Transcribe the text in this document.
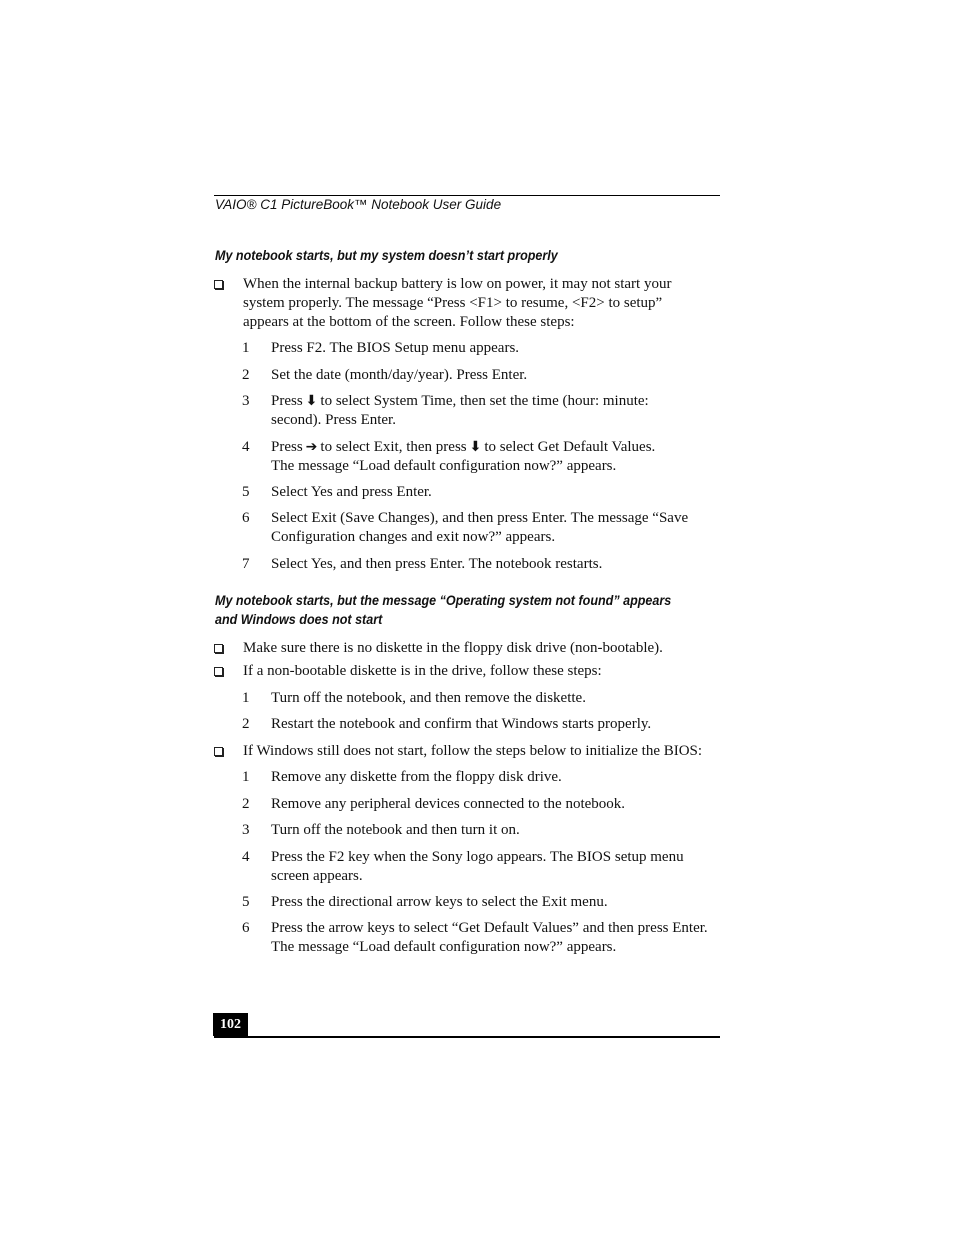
VAIO® C1 PictureBook™ Notebook User Guide
My notebook starts, but my system doesn’t start properly
When the internal backup battery is low on power, it may not start your
system properly. The message “Press <F1> to resume, <F2> to setup”
appears at the bottom of the screen. Follow these steps:
1	Press F2. The BIOS Setup menu appears.
2	Set the date (month/day/year). Press Enter.
3	Press ⬇ to select System Time, then set the time (hour: minute:
second). Press Enter.
4	Press ➔ to select Exit, then press ⬇ to select Get Default Values.
The message “Load default configuration now?” appears.
5	Select Yes and press Enter.
6	Select Exit (Save Changes), and then press Enter. The message “Save
Configuration changes and exit now?” appears.
7	Select Yes, and then press Enter. The notebook restarts.
My notebook starts, but the message “Operating system not found” appears
and Windows does not start
Make sure there is no diskette in the floppy disk drive (non-bootable).
If a non-bootable diskette is in the drive, follow these steps:
1	Turn off the notebook, and then remove the diskette.
2	Restart the notebook and confirm that Windows starts properly.
If Windows still does not start, follow the steps below to initialize the BIOS:
1	Remove any diskette from the floppy disk drive.
2	Remove any peripheral devices connected to the notebook.
3	Turn off the notebook and then turn it on.
4	Press the F2 key when the Sony logo appears. The BIOS setup menu
screen appears.
5	Press the directional arrow keys to select the Exit menu.
6	Press the arrow keys to select “Get Default Values” and then press Enter.
The message “Load default configuration now?” appears.
102
